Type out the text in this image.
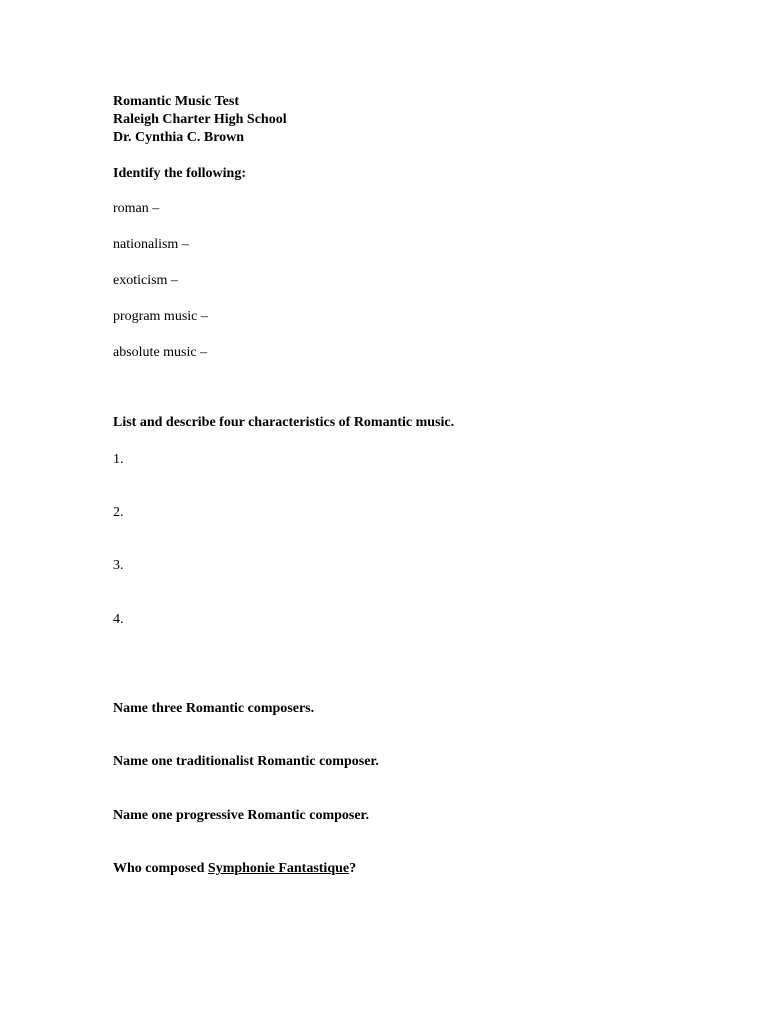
Romantic Music Test
Raleigh Charter High School
Dr. Cynthia C. Brown
Identify the following:
roman –
nationalism –
exoticism –
program music –
absolute music –
List and describe four characteristics of Romantic music.
1.
2.
3.
4.
Name three Romantic composers.
Name one traditionalist Romantic composer.
Name one progressive Romantic composer.
Who composed Symphonie Fantastique?
